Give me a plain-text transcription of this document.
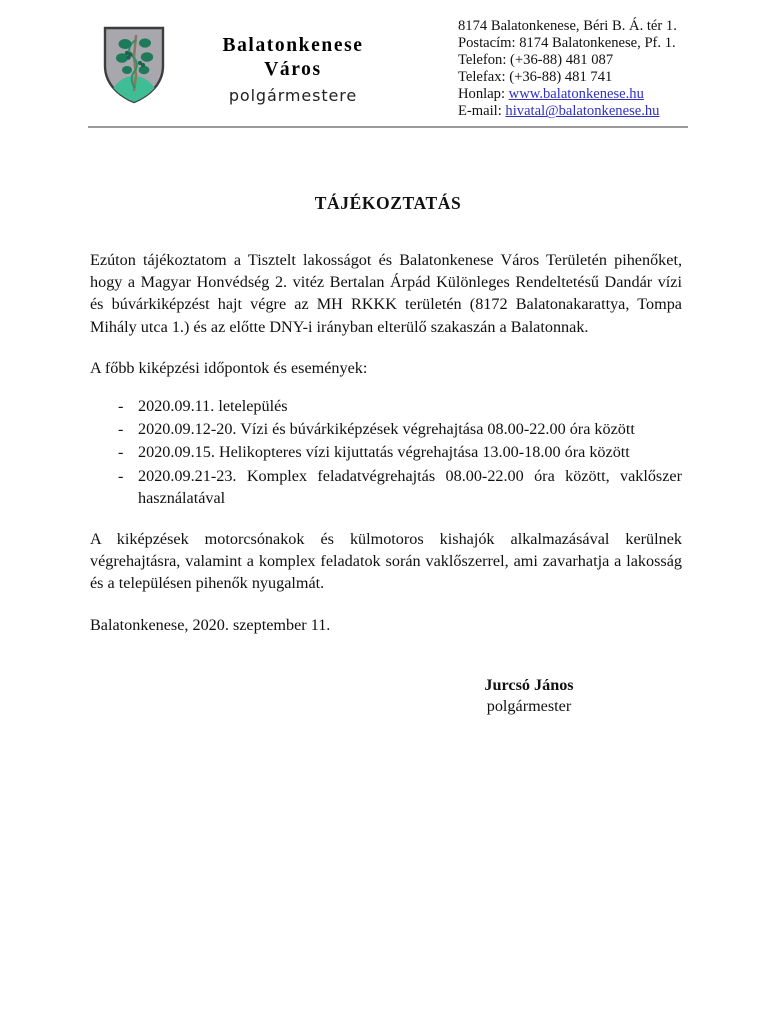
Balatonkenese
Város
polgármestere
8174 Balatonkenese, Béri B. Á. tér 1.
Postacím: 8174 Balatonkenese, Pf. 1.
Telefon: (+36-88) 481 087
Telefax: (+36-88) 481 741
Honlap: www.balatonkenese.hu
E-mail: hivatal@balatonkenese.hu
TÁJÉKOZTATÁS

Ezúton tájékoztatom a Tisztelt lakosságot és Balatonkenese Város Területén pihenőket, hogy a Magyar Honvédség 2. vitéz Bertalan Árpád Különleges Rendeltetésű Dandár vízi és búvárkiképzést hajt végre az MH RKKK területén (8172 Balatonakarattya, Tompa Mihály utca 1.) és az előtte DNY-i irányban elterülő szakaszán a Balatonnak.

A főbb kiképzési időpontok és események:

- 2020.09.11. letelepülés
- 2020.09.12-20. Vízi és búvárkiképzések végrehajtása 08.00-22.00 óra között
- 2020.09.15. Helikopteres vízi kijuttatás végrehajtása 13.00-18.00 óra között
- 2020.09.21-23. Komplex feladatvégrehajtás 08.00-22.00 óra között, vaklőszer használatával

A kiképzések motorcsónakok és külmotoros kishajók alkalmazásával kerülnek végrehajtásra, valamint a komplex feladatok során vaklőszerrel, ami zavarhatja a lakosság és a településen pihenők nyugalmát.

Balatonkenese, 2020. szeptember 11.

Jurcsó János
polgármester
